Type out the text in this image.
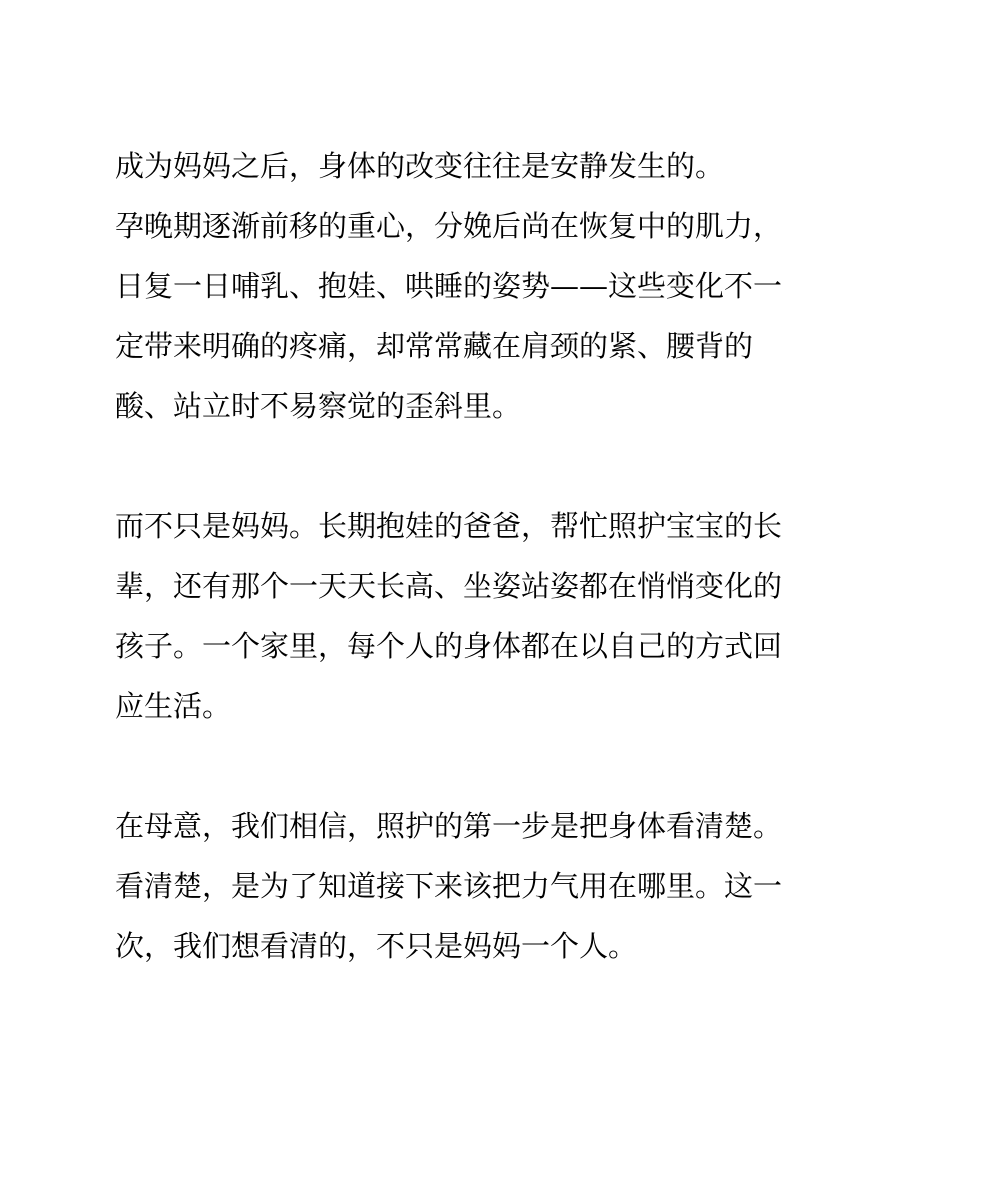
成为妈妈之后，身体的改变往往是安静发生的。
孕晚期逐渐前移的重心，分娩后尚在恢复中的肌力，
日复一日哺乳、抱娃、哄睡的姿势——这些变化不一
定带来明确的疼痛，却常常藏在肩颈的紧、腰背的
酸、站立时不易察觉的歪斜里。

而不只是妈妈。长期抱娃的爸爸，帮忙照护宝宝的长
辈，还有那个一天天长高、坐姿站姿都在悄悄变化的
孩子。一个家里，每个人的身体都在以自己的方式回
应生活。

在母意，我们相信，照护的第一步是把身体看清楚。
看清楚，是为了知道接下来该把力气用在哪里。这一
次，我们想看清的，不只是妈妈一个人。
